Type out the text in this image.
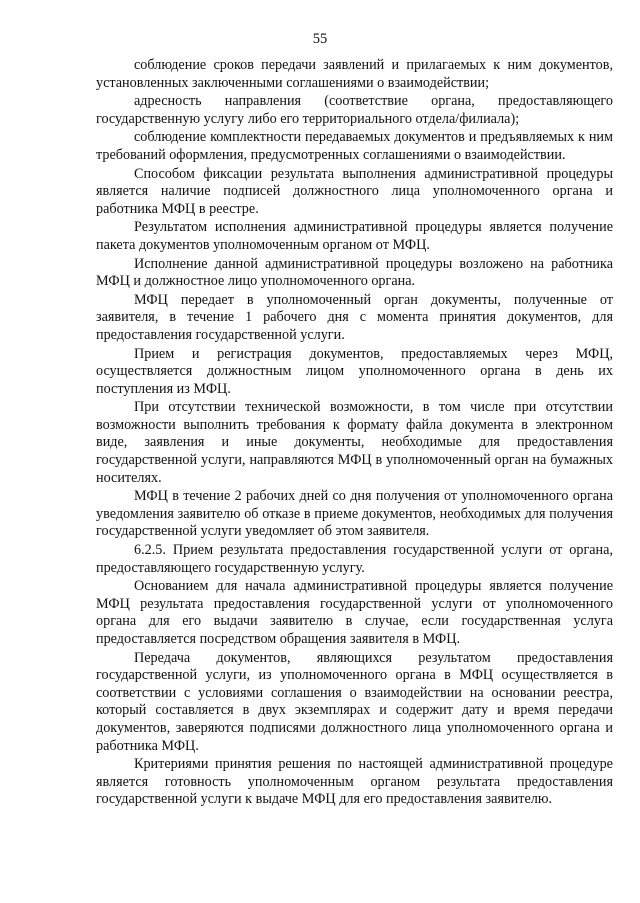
55

соблюдение сроков передачи заявлений и прилагаемых к ним документов, установленных заключенными соглашениями о взаимодействии;

адресность направления (соответствие органа, предоставляющего государственную услугу либо его территориального отдела/филиала);

соблюдение комплектности передаваемых документов и предъявляемых к ним требований оформления, предусмотренных соглашениями о взаимодействии.

Способом фиксации результата выполнения административной процедуры является наличие подписей должностного лица уполномоченного органа и работника МФЦ в реестре.

Результатом исполнения административной процедуры является получение пакета документов уполномоченным органом от МФЦ.

Исполнение данной административной процедуры возложено на работника МФЦ и должностное лицо уполномоченного органа.

МФЦ передает в уполномоченный орган документы, полученные от заявителя, в течение 1 рабочего дня с момента принятия документов, для предоставления государственной услуги.

Прием и регистрация документов, предоставляемых через МФЦ, осуществляется должностным лицом уполномоченного органа в день их поступления из МФЦ.

При отсутствии технической возможности, в том числе при отсутствии возможности выполнить требования к формату файла документа в электронном виде, заявления и иные документы, необходимые для предоставления государственной услуги, направляются МФЦ в уполномоченный орган на бумажных носителях.

МФЦ в течение 2 рабочих дней со дня получения от уполномоченного органа уведомления заявителю об отказе в приеме документов, необходимых для получения государственной услуги уведомляет об этом заявителя.

6.2.5. Прием результата предоставления государственной услуги от органа, предоставляющего государственную услугу.

Основанием для начала административной процедуры является получение МФЦ результата предоставления государственной услуги от уполномоченного органа для его выдачи заявителю в случае, если государственная услуга предоставляется посредством обращения заявителя в МФЦ.

Передача документов, являющихся результатом предоставления государственной услуги, из уполномоченного органа в МФЦ осуществляется в соответствии с условиями соглашения о взаимодействии на основании реестра, который составляется в двух экземплярах и содержит дату и время передачи документов, заверяются подписями должностного лица уполномоченного органа и работника МФЦ.

Критериями принятия решения по настоящей административной процедуре является готовность уполномоченным органом результата предоставления государственной услуги к выдаче МФЦ для его предоставления заявителю.
